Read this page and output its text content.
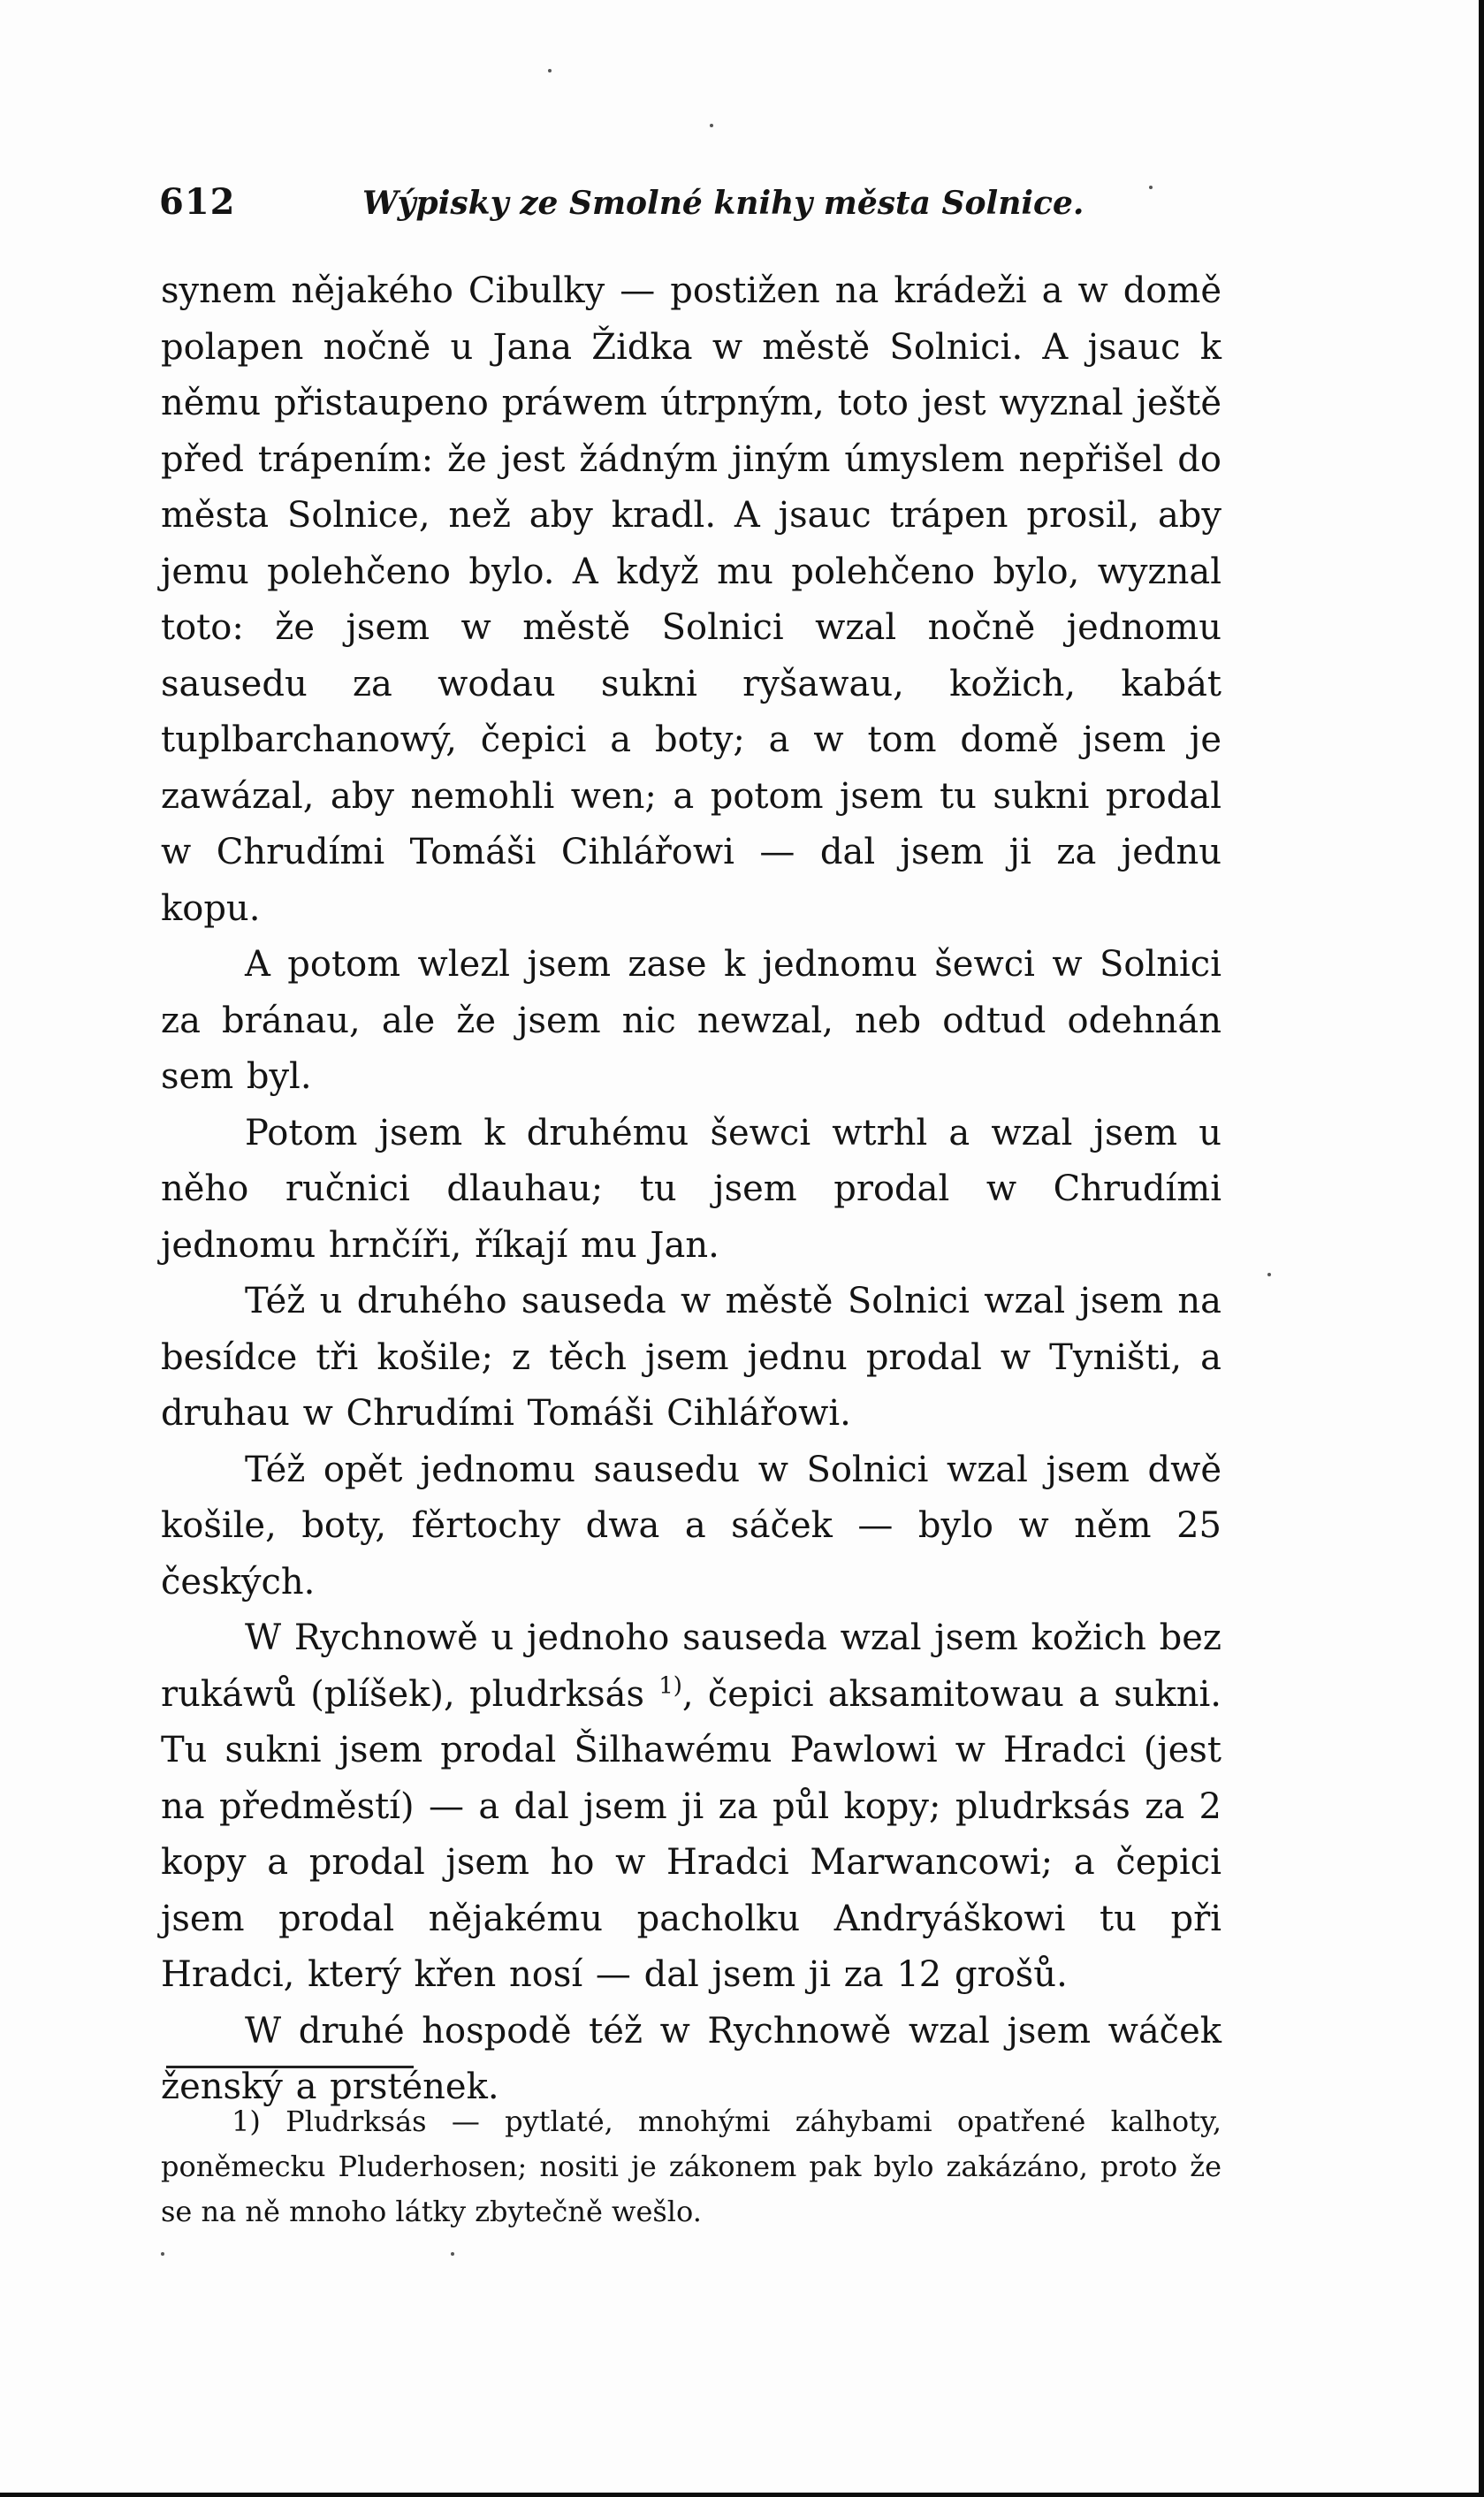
612	Wýpisky ze Smolné knihy města Solnice.

synem nějakého Cibulky — postižen na krádeži a w domě polapen nočně u Jana Židka w městě Solnici. A jsauc k němu přistaupeno práwem útrpným, toto jest wyznal ještě před trápením: že jest žádným jiným úmyslem nepřišel do města Solnice, než aby kradl. A jsauc trápen prosil, aby jemu polehčeno bylo. A když mu polehčeno bylo, wyznal toto: že jsem w městě Solnici wzal nočně jednomu sausedu za wodau sukni ryšawau, kožich, kabát tuplbarchanowý, čepici a boty; a w tom domě jsem je zawázal, aby nemohli wen; a potom jsem tu sukni prodal w Chrudími Tomáši Cihlářowi — dal jsem ji za jednu kopu.

A potom wlezl jsem zase k jednomu šewci w Solnici za bránau, ale že jsem nic newzal, neb odtud odehnán sem byl.

Potom jsem k druhému šewci wtrhl a wzal jsem u něho ručnici dlauhau; tu jsem prodal w Chrudími jednomu hrnčíři, říkají mu Jan.

Též u druhého sauseda w městě Solnici wzal jsem na besídce tři košile; z těch jsem jednu prodal w Tyništi, a druhau w Chrudími Tomáši Cihlářowi.

Též opět jednomu sausedu w Solnici wzal jsem dwě košile, boty, fěrtochy dwa a sáček — bylo w něm 25 českých.

W Rychnowě u jednoho sauseda wzal jsem kožich bez rukáwů (plíšek), pludrksás $^{1)}$, čepici aksamitowau a sukni. Tu sukni jsem prodal Šilhawému Pawlowi w Hradci (jest na předměstí) — a dal jsem ji za půl kopy; pludrksás za 2 kopy a prodal jsem ho w Hradci Marwancowi; a čepici jsem prodal nějakému pacholku Andryáškowi tu při Hradci, který křen nosí — dal jsem ji za 12 grošů.

W druhé hospodě též w Rychnowě wzal jsem wáček ženský a prstének.

1) Pludrksás — pytlaté, mnohými záhybami opatřené kalhoty, poněmecku Pluderhosen; nositi je zákonem pak bylo zakázáno, proto že se na ně mnoho látky zbytečně wešlo.
